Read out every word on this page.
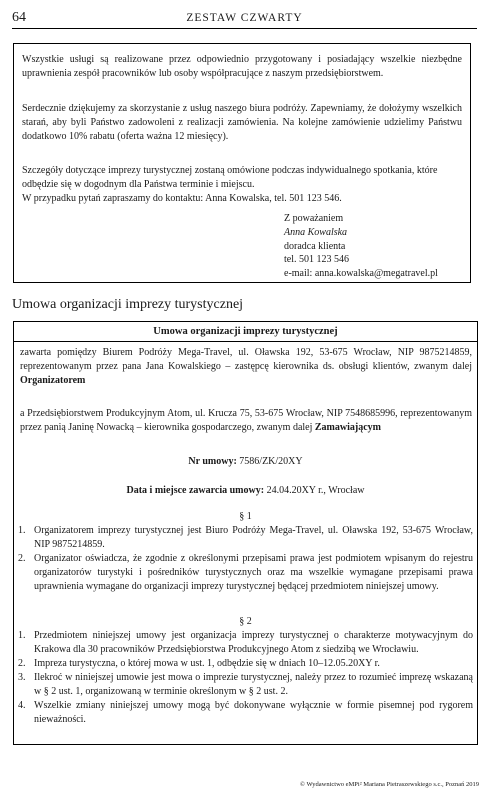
64	ZESTAW CZWARTY

Wszystkie usługi są realizowane przez odpowiednio przygotowany i posiadający wszelkie niezbędne uprawnienia zespół pracowników lub osoby współpracujące z naszym przedsiębiorstwem.

Serdecznie dziękujemy za skorzystanie z usług naszego biura podróży. Zapewniamy, że dołożymy wszelkich starań, aby byli Państwo zadowoleni z realizacji zamówienia. Na kolejne zamówienie udzielimy Państwu dodatkowo 10% rabatu (oferta ważna 12 miesięcy).

Szczegóły dotyczące imprezy turystycznej zostaną omówione podczas indywidualnego spotkania, które odbędzie się w dogodnym dla Państwa terminie i miejscu.

W przypadku pytań zapraszamy do kontaktu: Anna Kowalska, tel. 501 123 546.

Z poważaniem
Anna Kowalska
doradca klienta
tel. 501 123 546
e-mail: anna.kowalska@megatravel.pl
Umowa organizacji imprezy turystycznej
Umowa organizacji imprezy turystycznej
zawarta pomiędzy Biurem Podróży Mega-Travel, ul. Oławska 192, 53-675 Wrocław, NIP 9875214859, reprezentowanym przez pana Jana Kowalskiego – zastępcę kierownika ds. obsługi klientów, zwanym dalej Organizatorem
a Przedsiębiorstwem Produkcyjnym Atom, ul. Krucza 75, 53-675 Wrocław, NIP 7548685996, reprezentowanym przez panią Janinę Nowacką – kierownika gospodarczego, zwanym dalej Zamawiającym
Nr umowy: 7586/ZK/20XY
Data i miejsce zawarcia umowy: 24.04.20XY r., Wrocław
§ 1
1. Organizatorem imprezy turystycznej jest Biuro Podróży Mega-Travel, ul. Oławska 192, 53-675 Wrocław, NIP 9875214859.
2. Organizator oświadcza, że zgodnie z określonymi przepisami prawa jest podmiotem wpisanym do rejestru organizatorów turystyki i pośredników turystycznych oraz ma wszelkie wymagane przepisami prawa uprawnienia wymagane do organizacji imprezy turystycznej będącej przedmiotem niniejszej umowy.
§ 2
1. Przedmiotem niniejszej umowy jest organizacja imprezy turystycznej o charakterze motywacyjnym do Krakowa dla 30 pracowników Przedsiębiorstwa Produkcyjnego Atom z siedzibą we Wrocławiu.
2. Impreza turystyczna, o której mowa w ust. 1, odbędzie się w dniach 10–12.05.20XY r.
3. Ilekroć w niniejszej umowie jest mowa o imprezie turystycznej, należy przez to rozumieć imprezę wskazaną w § 2 ust. 1, organizowaną w terminie określonym w § 2 ust. 2.
4. Wszelkie zmiany niniejszej umowy mogą być dokonywane wyłącznie w formie pisemnej pod rygorem nieważności.
© Wydawnictwo eMPi² Mariana Pietraszewskiego s.c., Poznań 2019
